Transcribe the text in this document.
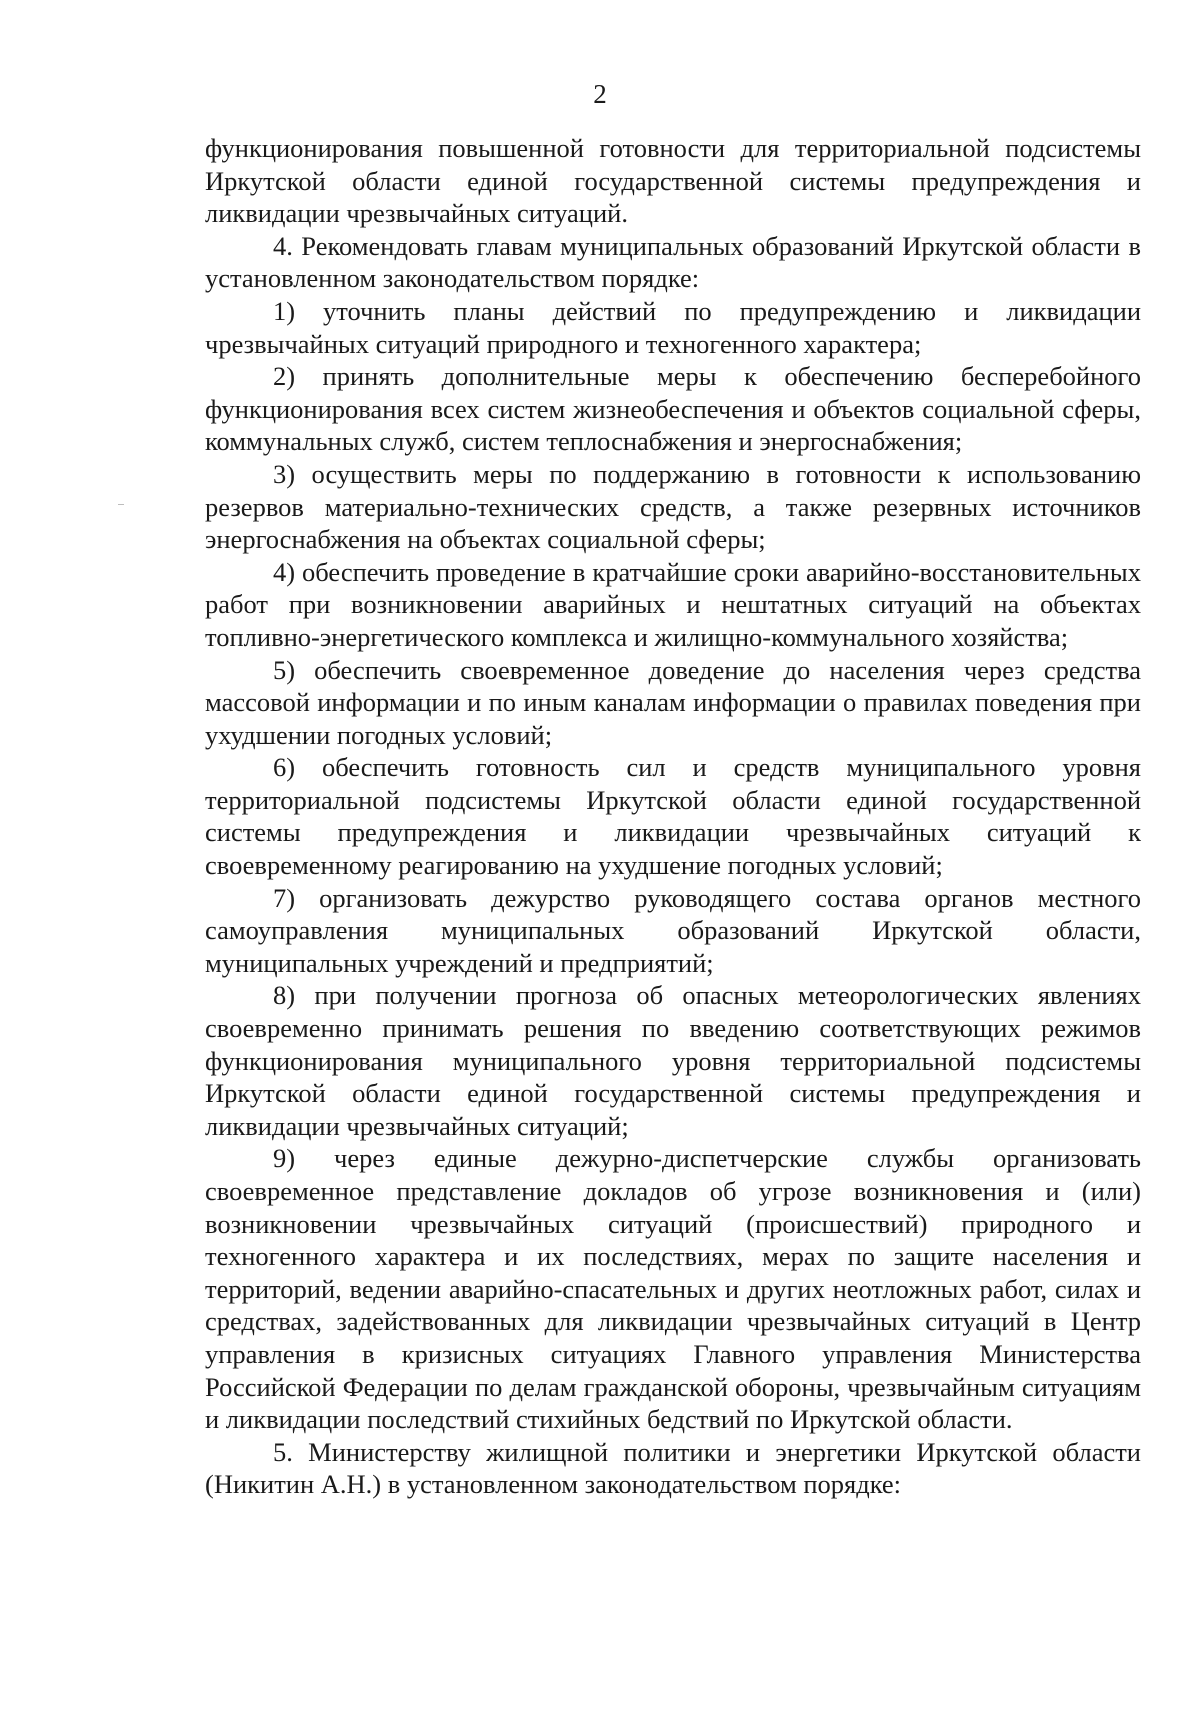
2

функционирования повышенной готовности для территориальной подсистемы Иркутской области единой государственной системы предупреждения и ликвидации чрезвычайных ситуаций.

4. Рекомендовать главам муниципальных образований Иркутской области в установленном законодательством порядке:

1) уточнить планы действий по предупреждению и ликвидации чрезвычайных ситуаций природного и техногенного характера;

2) принять дополнительные меры к обеспечению бесперебойного функционирования всех систем жизнеобеспечения и объектов социальной сферы, коммунальных служб, систем теплоснабжения и энергоснабжения;

3) осуществить меры по поддержанию в готовности к использованию резервов материально-технических средств, а также резервных источников энергоснабжения на объектах социальной сферы;

4) обеспечить проведение в кратчайшие сроки аварийно-восстановительных работ при возникновении аварийных и нештатных ситуаций на объектах топливно-энергетического комплекса и жилищно-коммунального хозяйства;

5) обеспечить своевременное доведение до населения через средства массовой информации и по иным каналам информации о правилах поведения при ухудшении погодных условий;

6) обеспечить готовность сил и средств муниципального уровня территориальной подсистемы Иркутской области единой государственной системы предупреждения и ликвидации чрезвычайных ситуаций к своевременному реагированию на ухудшение погодных условий;

7) организовать дежурство руководящего состава органов местного самоуправления муниципальных образований Иркутской области, муниципальных учреждений и предприятий;

8) при получении прогноза об опасных метеорологических явлениях своевременно принимать решения по введению соответствующих режимов функционирования муниципального уровня территориальной подсистемы Иркутской области единой государственной системы предупреждения и ликвидации чрезвычайных ситуаций;

9) через единые дежурно-диспетчерские службы организовать своевременное представление докладов об угрозе возникновения и (или) возникновении чрезвычайных ситуаций (происшествий) природного и техногенного характера и их последствиях, мерах по защите населения и территорий, ведении аварийно-спасательных и других неотложных работ, силах и средствах, задействованных для ликвидации чрезвычайных ситуаций в Центр управления в кризисных ситуациях Главного управления Министерства Российской Федерации по делам гражданской обороны, чрезвычайным ситуациям и ликвидации последствий стихийных бедствий по Иркутской области.

5. Министерству жилищной политики и энергетики Иркутской области (Никитин А.Н.) в установленном законодательством порядке:
